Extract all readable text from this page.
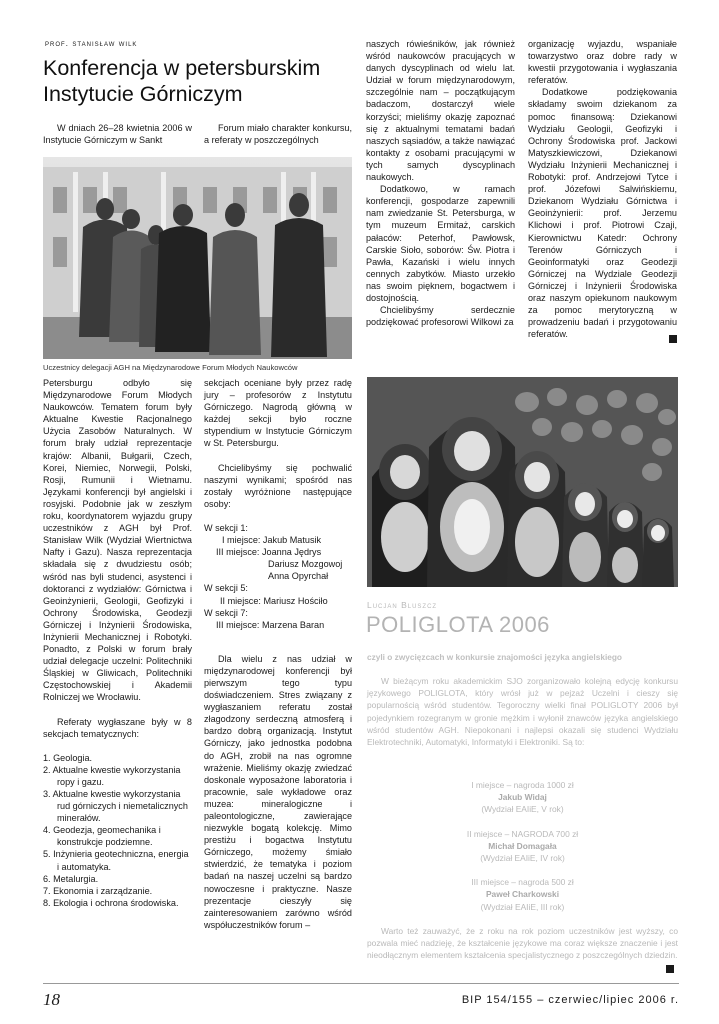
prof. stanisław wilk
Konferencja w petersburskim
Instytucie Górniczym

W dniach 26–28 kwietnia 2006 w Instytucie Górniczym w Sankt

Forum miało charakter konkursu, a referaty w poszczególnych

Uczestnicy delegacji AGH na Międzynarodowe Forum Młodych Naukowców

Petersburgu odbyło się Międzynarodowe Forum Młodych Naukowców. Tematem forum były Aktualne Kwestie Racjonalnego Użycia Zasobów Naturalnych. W forum brały udział reprezentacje krajów: Albanii, Bułgarii, Czech, Korei, Niemiec, Norwegii, Polski, Rosji, Rumunii i Wietnamu. Językami konferencji był angielski i rosyjski. Podobnie jak w zeszłym roku, koordynatorem wyjazdu grupy uczestników z AGH był Prof. Stanisław Wilk (Wydział Wiertnictwa Nafty i Gazu). Nasza reprezentacja składała się z dwudziestu osób; wśród nas byli studenci, asystenci i doktoranci z wydziałów: Górnictwa i Geoinżynierii, Geologii, Geofizyki i Ochrony Środowiska, Geodezji Górniczej i Inżynierii Środowiska, Inżynierii Mechanicznej i Robotyki. Ponadto, z Polski w forum brały udział delegacje uczelni: Politechniki Śląskiej w Gliwicach, Politechniki Częstochowskiej i Akademii Rolniczej we Wrocławiu.

Referaty wygłaszane były w 8 sekcjach tematycznych:

1. Geologia.
2. Aktualne kwestie wykorzystania ropy i gazu.
3. Aktualne kwestie wykorzystania rud górniczych i niemetalicznych minerałów.
4. Geodezja, geomechanika i konstrukcje podziemne.
5. Inżynieria geotechniczna, energia i automatyka.
6. Metalurgia.
7. Ekonomia i zarządzanie.
8. Ekologia i ochrona środowiska.

sekcjach oceniane były przez radę jury – profesorów z Instytutu Górniczego. Nagrodą główną w każdej sekcji było roczne stypendium w Instytucie Górniczym w St. Petersburgu.

Chcielibyśmy się pochwalić naszymi wynikami; spośród nas zostały wyróżnione następujące osoby:

W sekcji 1:
I miejsce: Jakub Matusik
III miejsce: Joanna Jędrys
Dariusz Mozgowoj
Anna Opyrchał
W sekcji 5:
II miejsce: Mariusz Hościło
W sekcji 7:
III miejsce: Marzena Baran

Dla wielu z nas udział w międzynarodowej konferencji był pierwszym tego typu doświadczeniem. Stres związany z wygłaszaniem referatu został złagodzony serdeczną atmosferą i bardzo dobrą organizacją. Instytut Górniczy, jako jednostka podobna do AGH, zrobił na nas ogromne wrażenie. Mieliśmy okazję zwiedzać doskonale wyposażone laboratoria i pracownie, sale wykładowe oraz muzea: mineralogiczne i paleontologiczne, zawierające niezwykle bogatą kolekcję. Mimo prestiżu i bogactwa Instytutu Górniczego, możemy śmiało stwierdzić, że tematyka i poziom badań na naszej uczelni są bardzo nowoczesne i praktyczne. Nasze prezentacje cieszyły się zainteresowaniem zarówno wśród współuczestników forum –

naszych rówieśników, jak również wśród naukowców pracujących w danych dyscyplinach od wielu lat. Udział w forum międzynarodowym, szczególnie nam – początkującym badaczom, dostarczył wiele korzyści; mieliśmy okazję zapoznać się z aktualnymi tematami badań naszych sąsiadów, a także nawiązać kontakty z osobami pracującymi w tych samych dyscyplinach naukowych.

Dodatkowo, w ramach konferencji, gospodarze zapewnili nam zwiedzanie St. Petersburga, w tym muzeum Ermitaż, carskich pałaców: Peterhof, Pawłowsk, Carskie Sioło, soborów: Św. Piotra i Pawła, Kazański i wielu innych cennych zabytków. Miasto urzekło nas swoim pięknem, bogactwem i dostojnością.

Chcielibyśmy serdecznie podziękować profesorowi Wilkowi za

organizację wyjazdu, wspaniałe towarzystwo oraz dobre rady w kwestii przygotowania i wygłaszania referatów.

Dodatkowe podziękowania składamy swoim dziekanom za pomoc finansową: Dziekanowi Wydziału Geologii, Geofizyki i Ochrony Środowiska prof. Jackowi Matyszkiewiczowi, Dziekanowi Wydziału Inżynierii Mechanicznej i Robotyki: prof. Andrzejowi Tytce i prof. Józefowi Salwińskiemu, Dziekanom Wydziału Górnictwa i Geoinżynierii: prof. Jerzemu Klichowi i prof. Piotrowi Czaji, Kierownictwu Katedr: Ochrony Terenów Górniczych i Geoinformatyki oraz Geodezji Górniczej na Wydziale Geodezji Górniczej i Inżynierii Środowiska oraz naszym opiekunom naukowym za pomoc merytoryczną w prowadzeniu badań i przygotowaniu referatów.

Lucjan Bluszcz
POLIGLOTA 2006
czyli o zwycięzcach w konkursie znajomości języka angielskiego

W bieżącym roku akademickim SJO zorganizowało kolejną edycję konkursu językowego POLIGLOTA, który wrósł już w pejzaż Uczelni i cieszy się popularnością wśród studentów. Tegoroczny wielki finał POLIGLOTY 2006 był pojedynkiem rozegranym w gronie mężkim i wyłonił znawców języka angielskiego wśród studentów AGH. Niepokonani i najlepsi okazali się studenci Wydziału Elektrotechniki, Automatyki, Informatyki i Elektroniki. Są to:

I miejsce – nagroda 1000 zł
Jakub Widaj
(Wydział EAIiE, V rok)
II miejsce – NAGRODA 700 zł
Michał Domagała
(Wydział EAIiE, IV rok)
III miejsce – nagroda 500 zł
Paweł Charkowski
(Wydział EAIiE, III rok)

Warto też zauważyć, że z roku na rok poziom uczestników jest wyższy, co pozwala mieć nadzieję, że kształcenie językowe ma coraz większe znaczenie i jest nieodłącznym elementem kształcenia specjalistycznego z poszczególnych dziedzin.

18	BIP 154/155 – czerwiec/lipiec 2006 r.
